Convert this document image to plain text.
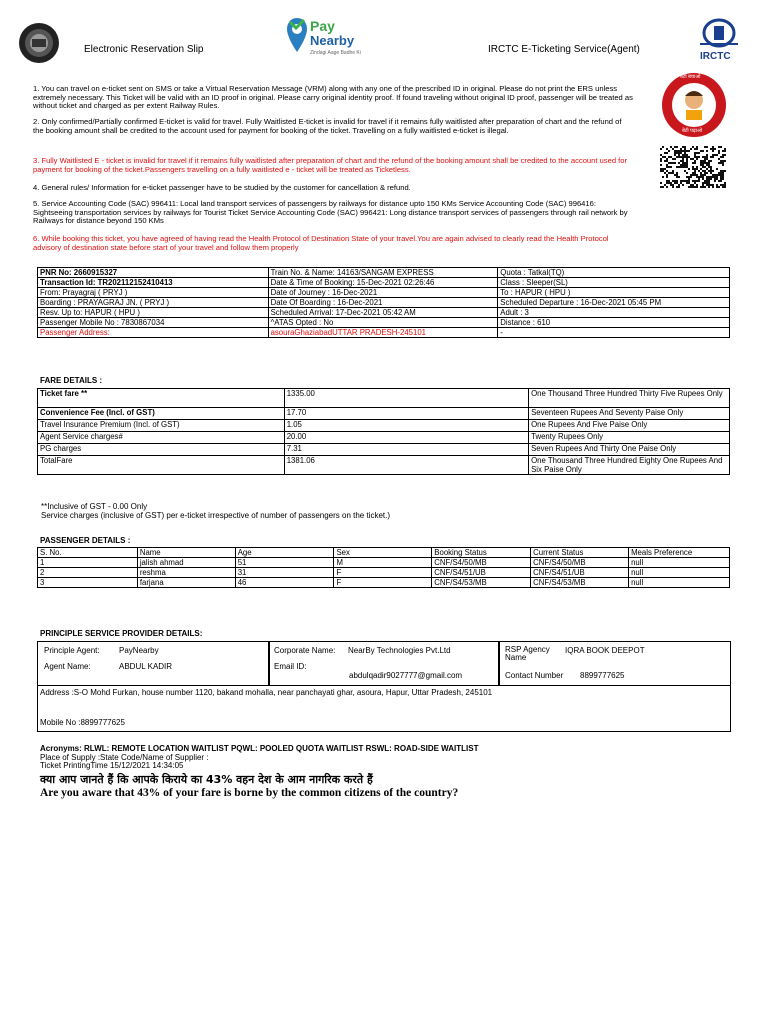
Electronic Reservation Slip
Pay
Nearby
Zindagi Aage Badhe Ki	IRCTC E-Ticketing Service(Agent)
IRCTC
बेटी बचाओ
बेटी पढ़ाओ
1. You can travel on e-ticket sent on SMS or take a Virtual Reservation Message (VRM) along with any one of the prescribed ID in original. Please do not print the ERS unless extremely necessary. This Ticket will be valid with an ID proof in original. Please carry original identity proof. If found traveling without original ID proof, passenger will be treated as without ticket and charged as per extent Railway Rules.
2. Only confirmed/Partially confirmed E-ticket is valid for travel. Fully Waitlisted E-ticket is invalid for travel if it remains fully waitlisted after preparation of chart and the refund of the booking amount shall be credited to the account used for payment for booking of the ticket. Travelling on a fully waitlisted e-ticket is illegal.
3. Fully Waitlisted E - ticket is invalid for travel if it remains fully waitlisted after preparation of chart and the refund of the booking amount shall be credited to the account used for payment for booking of the ticket.Passengers travelling on a fully waitlisted e - ticket will be treated as Ticketless.
4. General rules/ Information for e-ticket passenger have to be studied by the customer for cancellation & refund.
5. Service Accounting Code (SAC) 996411: Local land transport services of passengers by railways for distance upto 150 KMs Service Accounting Code (SAC) 996416: Sightseeing transportation services by railways for Tourist Ticket Service Accounting Code (SAC) 996421: Long distance transport services of passengers through rail network by Railways for distance beyond 150 KMs
6. While booking this ticket, you have agreed of having read the Health Protocol of Destination State of your travel.You are again advised to clearly read the Health Protocol advisory of destination state before start of your travel and follow them properly
PNR No: 2660915327	Train No. & Name: 14163/SANGAM EXPRESS	Quota : Tatkal(TQ)
Transaction Id: TR202112152410413	Date & Time of Booking: 15-Dec-2021 02:26:46	Class : Sleeper(SL)
From: Prayagraj ( PRYJ )	Date of Journey : 16-Dec-2021	To : HAPUR ( HPU )
Boarding : PRAYAGRAJ JN. ( PRYJ )	Date Of Boarding : 16-Dec-2021	Scheduled Departure : 16-Dec-2021 05:45 PM
Resv. Up to: HAPUR ( HPU )	Scheduled Arrival: 17-Dec-2021 05:42 AM	Adult : 3
Passenger Mobile No : 7830867034	^ATAS Opted : No	Distance : 610
Passenger Address:	asouraGhaziabadUTTAR PRADESH-245101	-
FARE DETAILS :
Ticket fare **	1335.00	One Thousand Three Hundred Thirty Five Rupees Only
Convenience Fee (Incl. of GST)	17.70	Seventeen Rupees And Seventy Paise Only
Travel Insurance Premium (Incl. of GST)	1.05	One Rupees And Five Paise Only
Agent Service charges#	20.00	Twenty Rupees Only
PG charges	7.31	Seven Rupees And Thirty One Paise Only
TotalFare	1381.06	One Thousand Three Hundred Eighty One Rupees And Six Paise Only
**Inclusive of GST - 0.00 Only
Service charges (inclusive of GST) per e-ticket irrespective of number of passengers on the ticket.)
PASSENGER DETAILS :
S. No.	Name	Age	Sex	Booking Status	Current Status	Meals Preference
1	jalish ahmad	51	M	CNF/S4/50/MB	CNF/S4/50/MB	null
2	reshma	31	F	CNF/S4/51/UB	CNF/S4/51/UB	null
3	farjana	46	F	CNF/S4/53/MB	CNF/S4/53/MB	null
PRINCIPLE SERVICE PROVIDER DETAILS:
Principle Agent: PayNearby
Agent Name:	ABDUL KADIR
Corporate Name: NearBy Technologies Pvt.Ltd
Email ID:
abdulqadir9027777@gmail.com
RSP Agency Name
IQRA BOOK DEEPOT
Contact Number 8899777625
Address :S-O Mohd Furkan, house number 1120, bakand mohalla, near panchayati ghar, asoura, Hapur, Uttar Pradesh, 245101
Mobile No :8899777625
Acronyms: RLWL: REMOTE LOCATION WAITLIST PQWL: POOLED QUOTA WAITLIST RSWL: ROAD-SIDE WAITLIST
Place of Supply :State Code/Name of Supplier :
Ticket PrintingTime 15/12/2021 14:34:05
क्या आप जानते हैं कि आपके किराये का 43% वहन देश के आम नागरिक करते हैं
Are you aware that 43% of your fare is borne by the common citizens of the country?
